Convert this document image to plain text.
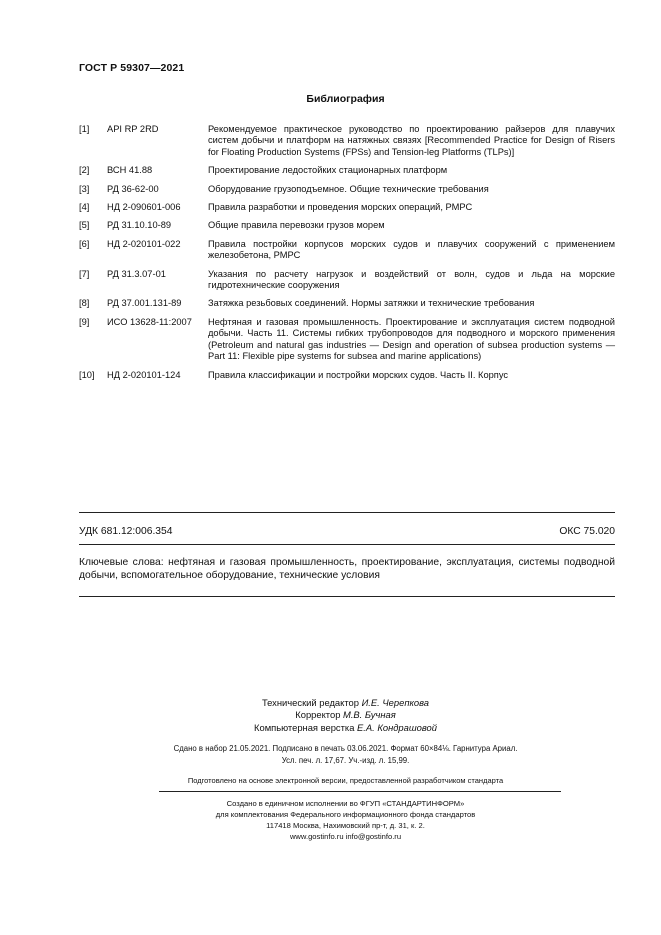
ГОСТ Р 59307—2021
Библиография
[1]	API RP 2RD	Рекомендуемое практическое руководство по проектированию райзеров для плавучих систем добычи и платформ на натяжных связях [Recommended Practice for Design of Risers for Floating Production Systems (FPSs) and Tension-leg Platforms (TLPs)]
[2]	ВСН 41.88	Проектирование ледостойких стационарных платформ
[3]	РД 36-62-00	Оборудование грузоподъемное. Общие технические требования
[4]	НД 2-090601-006	Правила разработки и проведения морских операций, РМРС
[5]	РД 31.10.10-89	Общие правила перевозки грузов морем
[6]	НД 2-020101-022	Правила постройки корпусов морских судов и плавучих сооружений с применением железобетона, РМРС
[7]	РД 31.3.07-01	Указания по расчету нагрузок и воздействий от волн, судов и льда на морские гидротехнические сооружения
[8]	РД 37.001.131-89	Затяжка резьбовых соединений. Нормы затяжки и технические требования
[9]	ИСО 13628-11:2007	Нефтяная и газовая промышленность. Проектирование и эксплуатация систем подводной добычи. Часть 11. Системы гибких трубопроводов для подводного и морского применения (Petroleum and natural gas industries — Design and operation of subsea production systems — Part 11: Flexible pipe systems for subsea and marine applications)
[10]	НД 2-020101-124	Правила классификации и постройки морских судов. Часть II. Корпус
УДК 681.12:006.354	ОКС 75.020
Ключевые слова: нефтяная и газовая промышленность, проектирование, эксплуатация, системы подводной добычи, вспомогательное оборудование, технические условия
Технический редактор И.Е. Черепкова
Корректор М.В. Бучная
Компьютерная верстка Е.А. Кондрашовой
Сдано в набор 21.05.2021. Подписано в печать 03.06.2021. Формат 60×84⅛. Гарнитура Ариал.
Усл. печ. л. 17,67. Уч.-изд. л. 15,99.
Подготовлено на основе электронной версии, предоставленной разработчиком стандарта
Создано в единичном исполнении во ФГУП «СТАНДАРТИНФОРМ»
для комплектования Федерального информационного фонда стандартов
117418 Москва, Нахимовский пр-т, д. 31, к. 2.
www.gostinfo.ru info@gostinfo.ru
